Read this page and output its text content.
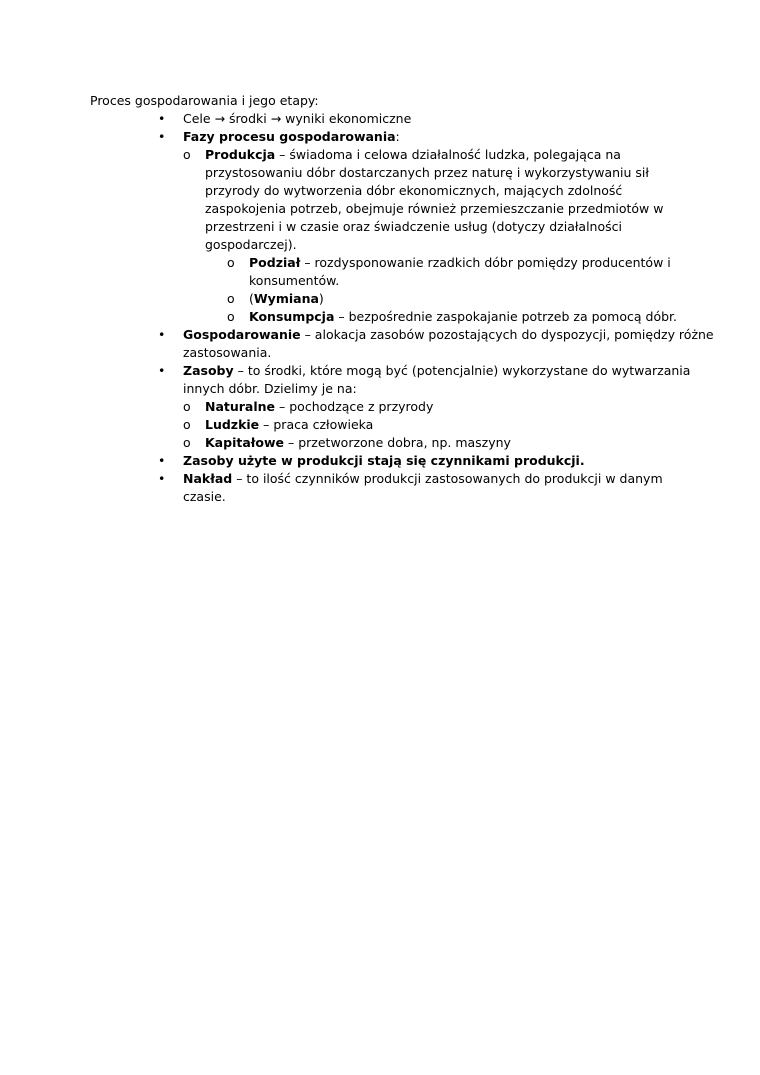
Proces gospodarowania i jego etapy:
• Cele → środki → wyniki ekonomiczne
• Fazy procesu gospodarowania:
o Produkcja – świadoma i celowa działalność ludzka, polegająca na
przystosowaniu dóbr dostarczanych przez naturę i wykorzystywaniu sił
przyrody do wytworzenia dóbr ekonomicznych, mających zdolność
zaspokojenia potrzeb, obejmuje również przemieszczanie przedmiotów w
przestrzeni i w czasie oraz świadczenie usług (dotyczy działalności
gospodarczej).
o Podział – rozdysponowanie rzadkich dóbr pomiędzy producentów i
konsumentów.
o (Wymiana)
o Konsumpcja – bezpośrednie zaspokajanie potrzeb za pomocą dóbr.
• Gospodarowanie – alokacja zasobów pozostających do dyspozycji, pomiędzy różne
zastosowania.
• Zasoby – to środki, które mogą być (potencjalnie) wykorzystane do wytwarzania
innych dóbr. Dzielimy je na:
o Naturalne – pochodzące z przyrody
o Ludzkie – praca człowieka
o Kapitałowe – przetworzone dobra, np. maszyny
• Zasoby użyte w produkcji stają się czynnikami produkcji.
• Nakład – to ilość czynników produkcji zastosowanych do produkcji w danym
czasie.
